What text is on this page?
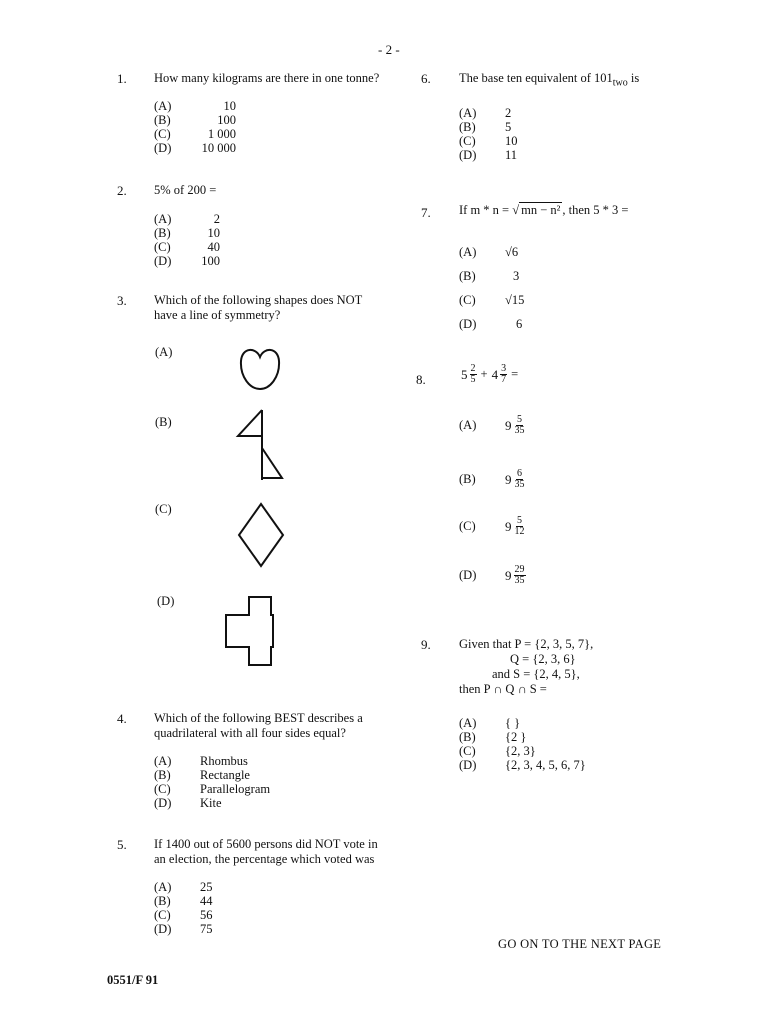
- 2 -
1. How many kilograms are there in one tonne?
(A)	10
(B)	100
(C)	1 000
(D)	10 000
2. 5% of 200 =
(A)	2
(B)	10
(C)	40
(D)	100
3. Which of the following shapes does NOT
have a line of symmetry?
(A)
(B)
(C)
(D)
4. Which of the following BEST describes a
quadrilateral with all four sides equal?
(A)	Rhombus
(B)	Rectangle
(C)	Parallelogram
(D)	Kite
5. If 1400 out of 5600 persons did NOT vote in
an election, the percentage which voted was
(A)	25
(B)	44
(C)	56
(D)	75
6. The base ten equivalent of $101_{two}$ is
(A)	2
(B)	5
(C)	10
(D)	11
7. If m * n = √ mn − n² , then 5 * 3 =
(A)	√6
(B)	3
(C)	√15
(D)	6
8.	$5 \frac{2}{5} + 4 \frac{3}{7}$ =
(A)	$9 \frac{5}{35}$
(B)	$9 \frac{6}{35}$
(C)	$9 \frac{5}{12}$
(D)	$9 \frac{29}{35}$
9. Given that P = {2, 3, 5, 7},
Q = {2, 3, 6}
and S = {2, 4, 5},
then P ∩ Q ∩ S =
(A)	{ }
(B)	{2 }
(C)	{2, 3}
(D)	{2, 3, 4, 5, 6, 7}
GO ON TO THE NEXT PAGE
0551/F 91
